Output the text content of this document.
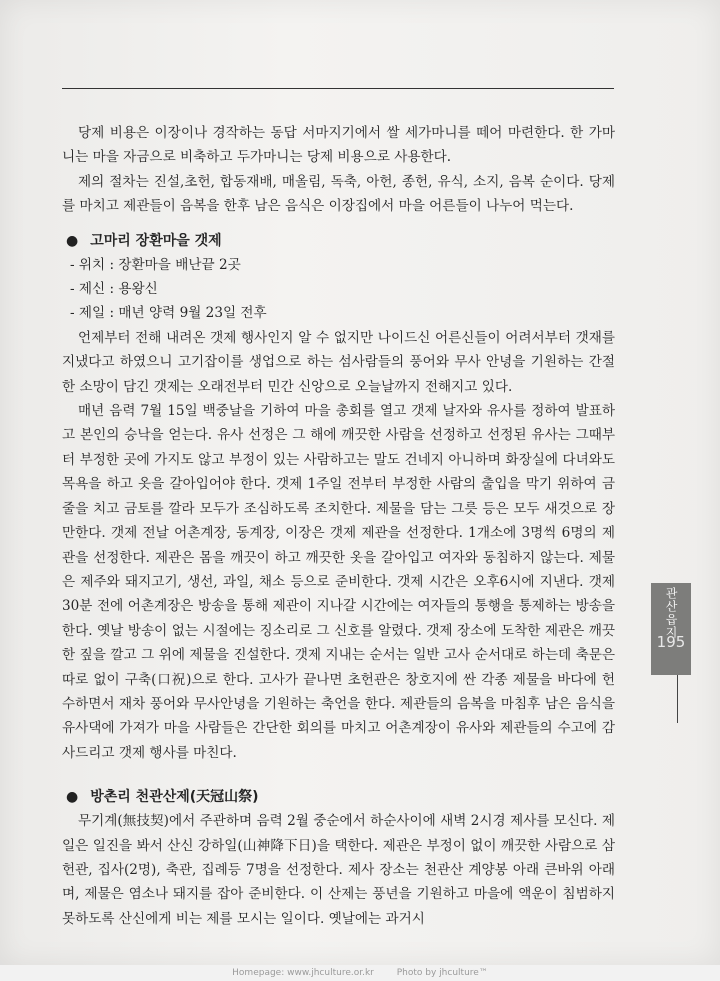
당제 비용은 이장이나 경작하는 동답 서마지기에서 쌀 세가마니를 떼어 마련한다. 한 가마니는 마을 자금으로 비축하고 두가마니는 당제 비용으로 사용한다.

제의 절차는 진설,초헌, 합동재배, 매올림, 독축, 아헌, 종헌, 유식, 소지, 음복 순이다. 당제를 마치고 제관들이 음복을 한후 남은 음식은 이장집에서 마을 어른들이 나누어 먹는다.

● 고마리 장환마을 갯제
- 위치 : 장환마을 배난끝 2곳
- 제신 : 용왕신
- 제일 : 매년 양력 9월 23일 전후

언제부터 전해 내려온 갯제 행사인지 알 수 없지만 나이드신 어른신들이 어려서부터 갯재를 지냈다고 하였으니 고기잡이를 생업으로 하는 섬사람들의 풍어와 무사 안녕을 기원하는 간절한 소망이 담긴 갯제는 오래전부터 민간 신앙으로 오늘날까지 전해지고 있다.

매년 음력 7월 15일 백중날을 기하여 마을 총회를 열고 갯제 날자와 유사를 정하여 발표하고 본인의 승낙을 얻는다. 유사 선정은 그 해에 깨끗한 사람을 선정하고 선정된 유사는 그때부터 부정한 곳에 가지도 않고 부정이 있는 사람하고는 말도 건네지 아니하며 화장실에 다녀와도 목욕을 하고 옷을 갈아입어야 한다. 갯제 1주일 전부터 부정한 사람의 출입을 막기 위하여 금줄을 치고 금토를 깔라 모두가 조심하도록 조치한다. 제물을 담는 그릇 등은 모두 새것으로 장만한다. 갯제 전날 어촌계장, 동계장, 이장은 갯제 제관을 선정한다. 1개소에 3명씩 6명의 제관을 선정한다. 제관은 몸을 깨끗이 하고 깨끗한 옷을 갈아입고 여자와 동침하지 않는다. 제물은 제주와 돼지고기, 생선, 과일, 채소 등으로 준비한다. 갯제 시간은 오후6시에 지낸다. 갯제 30분 전에 어촌계장은 방송을 통해 제관이 지나갈 시간에는 여자들의 통행을 통제하는 방송을 한다. 옛날 방송이 없는 시절에는 징소리로 그 신호를 알렸다. 갯제 장소에 도착한 제관은 깨끗한 짚을 깔고 그 위에 제물을 진설한다. 갯제 지내는 순서는 일반 고사 순서대로 하는데 축문은 따로 없이 구축(口祝)으로 한다. 고사가 끝나면 초헌관은 창호지에 싼 각종 제물을 바다에 헌수하면서 재차 풍어와 무사안녕을 기원하는 축언을 한다. 제관들의 음복을 마침후 남은 음식을 유사댁에 가져가 마을 사람들은 간단한 회의를 마치고 어촌계장이 유사와 제관들의 수고에 감사드리고 갯제 행사를 마친다.

● 방촌리 천관산제(天冠山祭)

무기계(無技契)에서 주관하며 음력 2월 중순에서 하순사이에 새벽 2시경 제사를 모신다. 제일은 일진을 봐서 산신 강하일(山神降下日)을 택한다. 제관은 부정이 없이 깨끗한 사람으로 삼헌관, 집사(2명), 축관, 집례등 7명을 선정한다. 제사 장소는 천관산 계양봉 아래 큰바위 아래며, 제물은 염소나 돼지를 잡아 준비한다. 이 산제는 풍년을 기원하고 마을에 액운이 침범하지 못하도록 산신에게 비는 제를 모시는 일이다. 옛날에는 과거시

관산읍지
195
Homepage: www.jhculture.or.kr	Photo by jhculture™
